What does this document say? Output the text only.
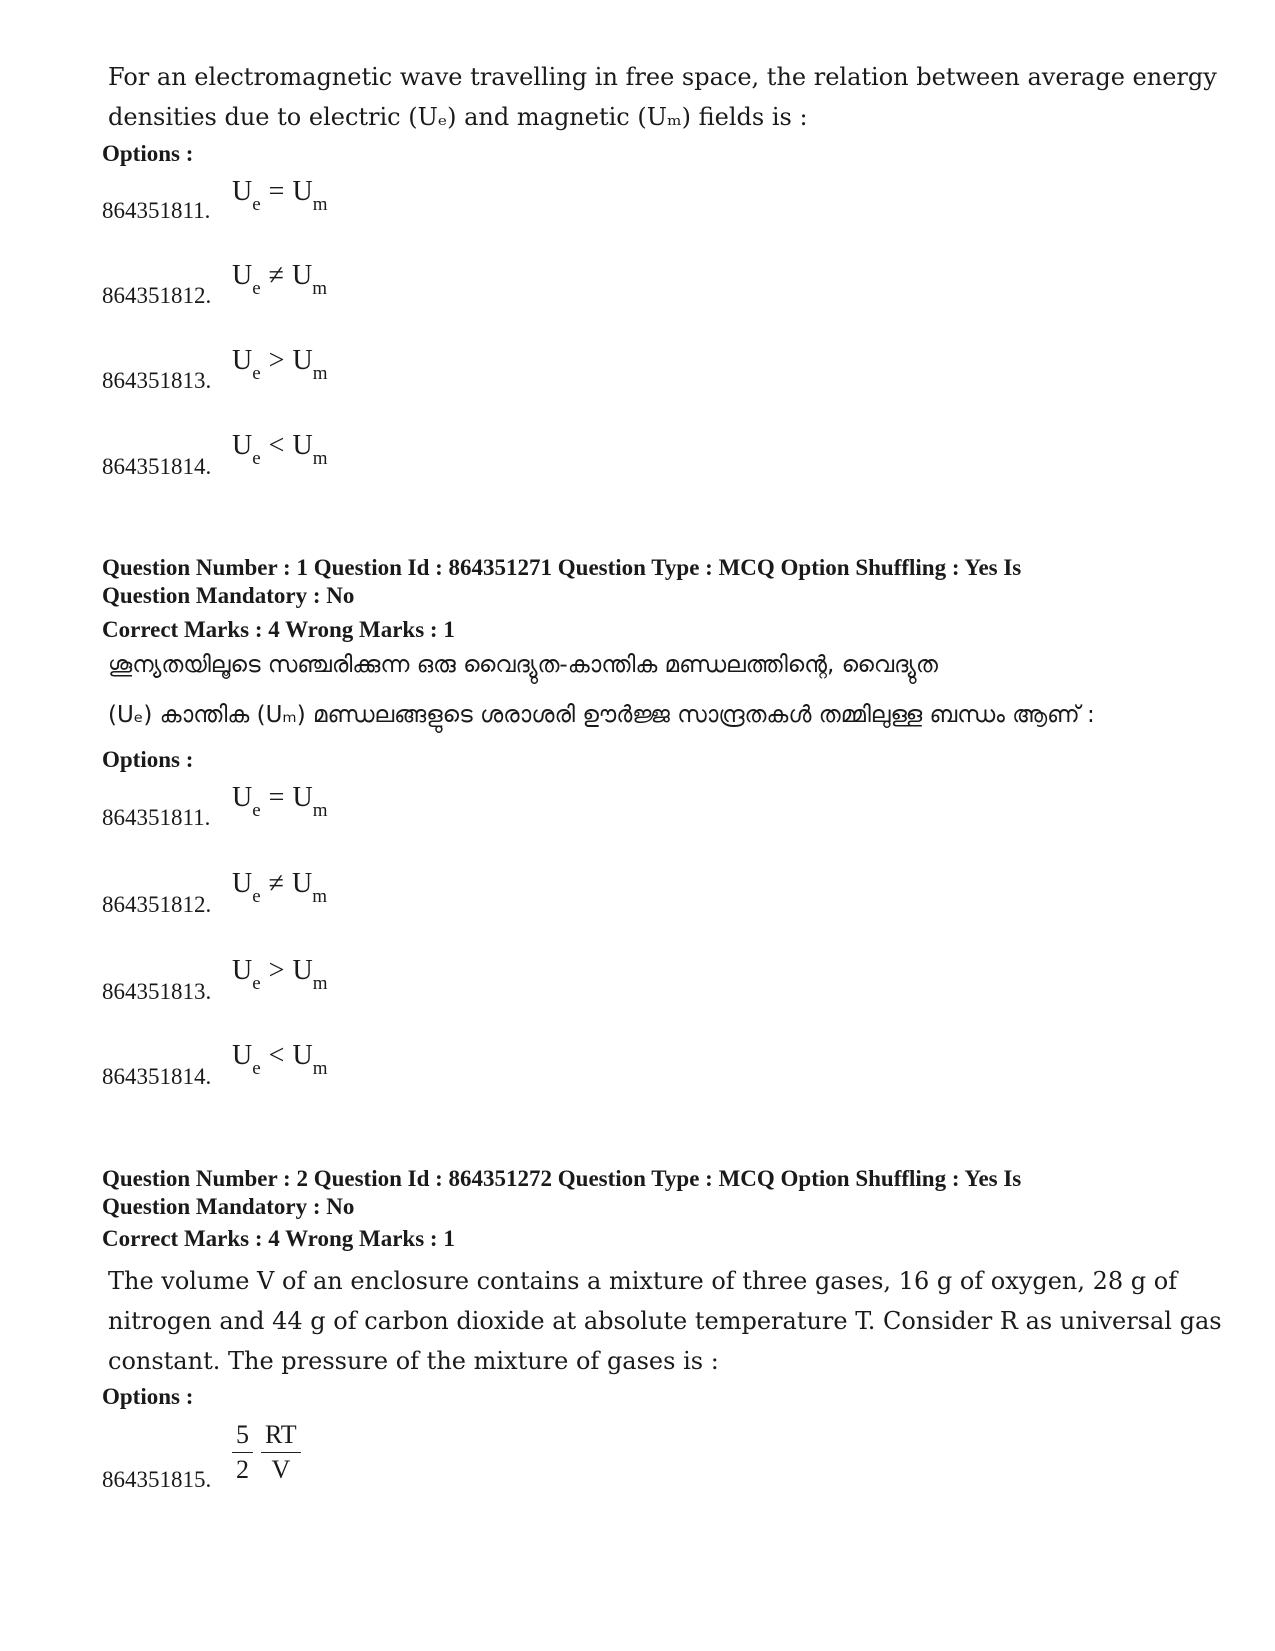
For an electromagnetic wave travelling in free space, the relation between average energy
densities due to electric (Uₑ) and magnetic (Uₘ) fields is :
Options :
$U_e = U_m$
864351811.
$U_e \ne U_m$
864351812.
$U_e > U_m$
864351813.
$U_e < U_m$
864351814.
Question Number : 1 Question Id : 864351271 Question Type : MCQ Option Shuffling : Yes Is
Question Mandatory : No
Correct Marks : 4 Wrong Marks : 1
ശൂന്യതയിലൂടെ സഞ്ചരിക്കുന്ന ഒരു വൈദ്യുത-കാന്തിക മണ്ഡലത്തിന്റെ, വൈദ്യുത
(Uₑ) കാന്തിക (Uₘ) മണ്ഡലങ്ങളുടെ ശരാശരി ഊർജ്ജ സാന്ദ്രതകൾ തമ്മിലുള്ള ബന്ധം ആണ് :
Options :
$U_e = U_m$
864351811.
$U_e \ne U_m$
864351812.
$U_e > U_m$
864351813.
$U_e < U_m$
864351814.
Question Number : 2 Question Id : 864351272 Question Type : MCQ Option Shuffling : Yes Is
Question Mandatory : No
Correct Marks : 4 Wrong Marks : 1
The volume V of an enclosure contains a mixture of three gases, 16 g of oxygen, 28 g of
nitrogen and 44 g of carbon dioxide at absolute temperature T. Consider R as universal gas
constant. The pressure of the mixture of gases is :
Options :
$\frac{5}{2} \frac{RT}{V}$
864351815.
